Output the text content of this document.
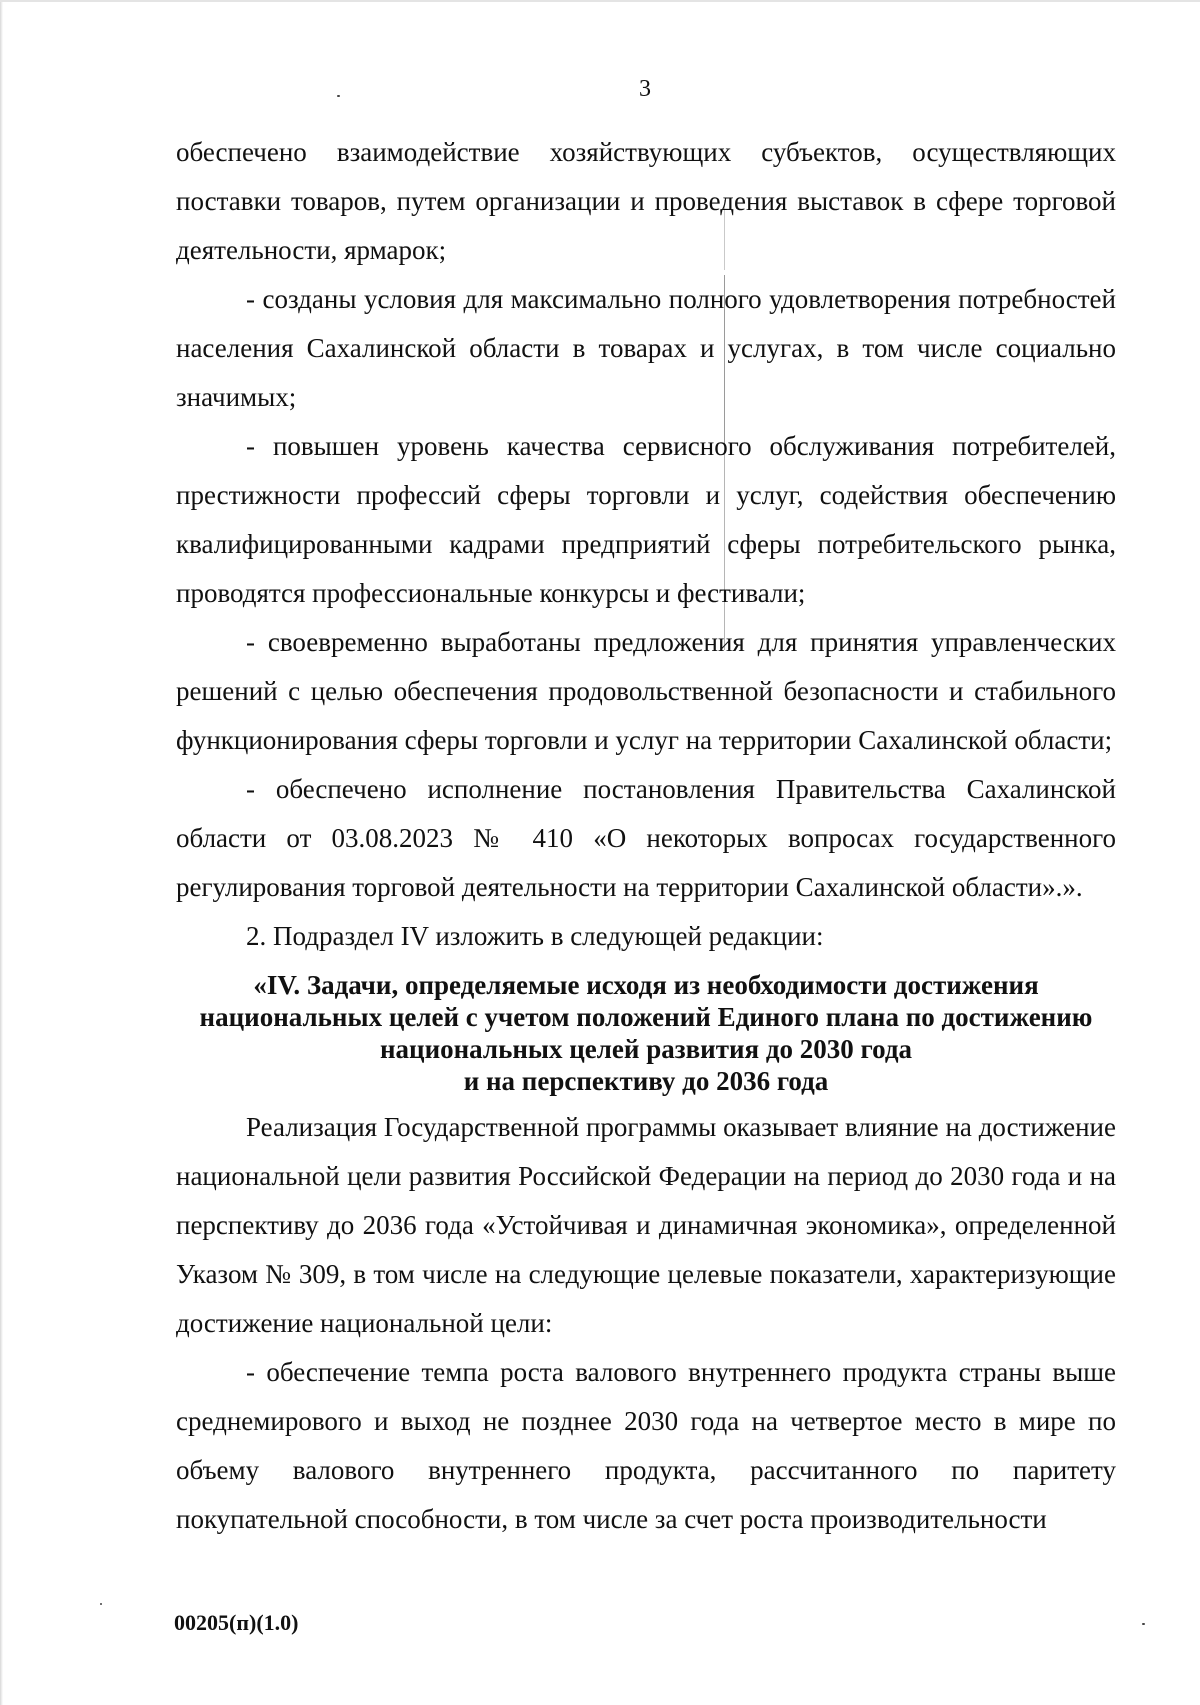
3

обеспечено взаимодействие хозяйствующих субъектов, осуществляющих поставки товаров, путем организации и проведения выставок в сфере торговой деятельности, ярмарок;

- созданы условия для максимально полного удовлетворения потребностей населения Сахалинской области в товарах и услугах, в том числе социально значимых;

- повышен уровень качества сервисного обслуживания потребителей, престижности профессий сферы торговли и услуг, содействия обеспечению квалифицированными кадрами предприятий сферы потребительского рынка, проводятся профессиональные конкурсы и фестивали;

- своевременно выработаны предложения для принятия управленческих решений с целью обеспечения продовольственной безопасности и стабильного функционирования сферы торговли и услуг на территории Сахалинской области;

- обеспечено исполнение постановления Правительства Сахалинской области от 03.08.2023 № 410 «О некоторых вопросах государственного регулирования торговой деятельности на территории Сахалинской области».».

2. Подраздел IV изложить в следующей редакции:

«IV. Задачи, определяемые исходя из необходимости достижения
национальных целей с учетом положений Единого плана по достижению
национальных целей развития до 2030 года
и на перспективу до 2036 года

Реализация Государственной программы оказывает влияние на достижение национальной цели развития Российской Федерации на период до 2030 года и на перспективу до 2036 года «Устойчивая и динамичная экономика», определенной Указом № 309, в том числе на следующие целевые показатели, характеризующие достижение национальной цели:

- обеспечение темпа роста валового внутреннего продукта страны выше среднемирового и выход не позднее 2030 года на четвертое место в мире по объему валового внутреннего продукта, рассчитанного по паритету покупательной способности, в том числе за счет роста производительности

00205(п)(1.0)
